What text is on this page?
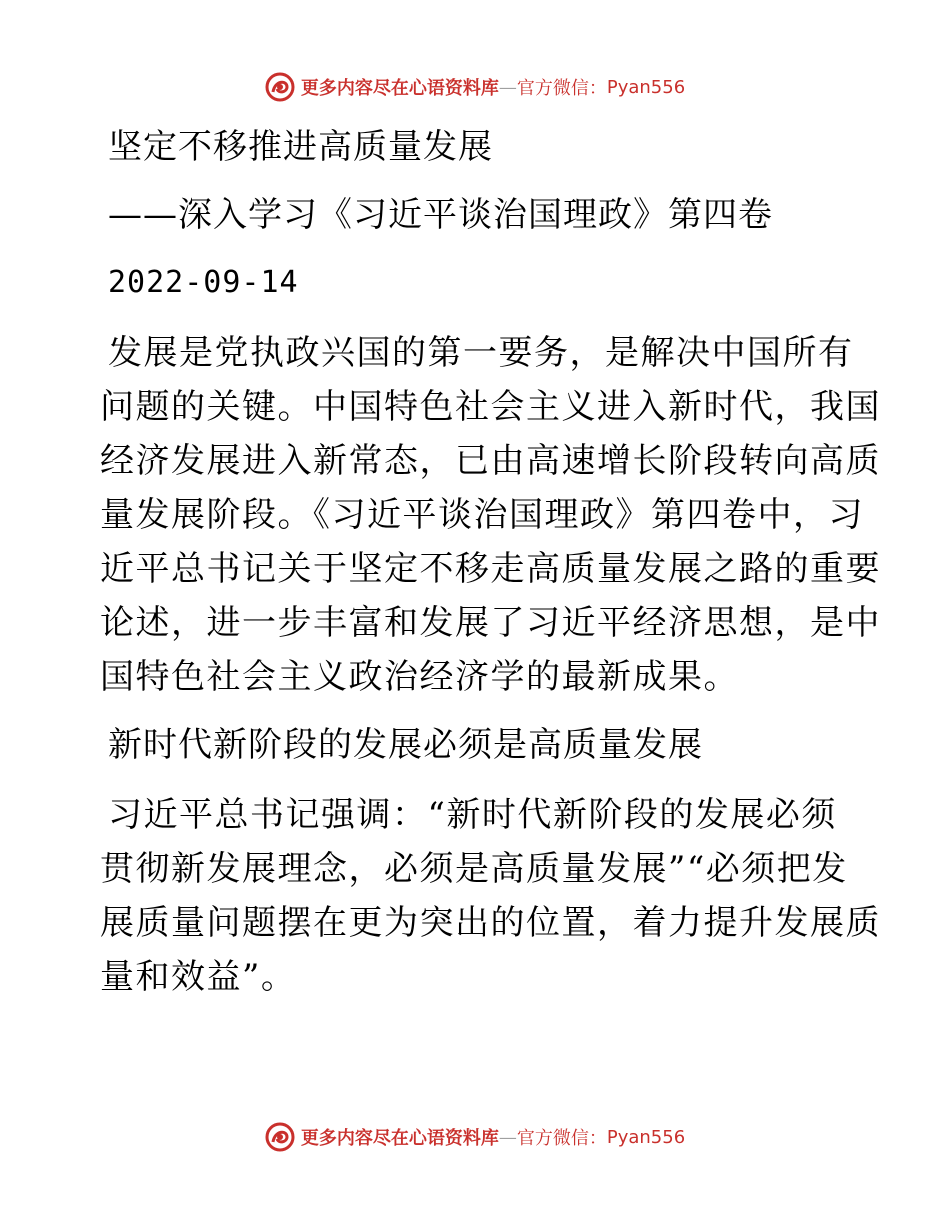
更多内容尽在心语资料库 — 官方微信： Pyan556

坚定不移推进高质量发展

——深入学习《习近平谈治国理政》第四卷

2022-09-14

发展是党执政兴国的第一要务，是解决中国所有
问题的关键。中国特色社会主义进入新时代，我国
经济发展进入新常态，已由高速增长阶段转向高质
量发展阶段。《习近平谈治国理政》第四卷中，习
近平总书记关于坚定不移走高质量发展之路的重要
论述，进一步丰富和发展了习近平经济思想，是中
国特色社会主义政治经济学的最新成果。

新时代新阶段的发展必须是高质量发展

习近平总书记强调：“新时代新阶段的发展必须
贯彻新发展理念，必须是高质量发展”“必须把发
展质量问题摆在更为突出的位置，着力提升发展质
量和效益”。
更多内容尽在心语资料库 — 官方微信： Pyan556
